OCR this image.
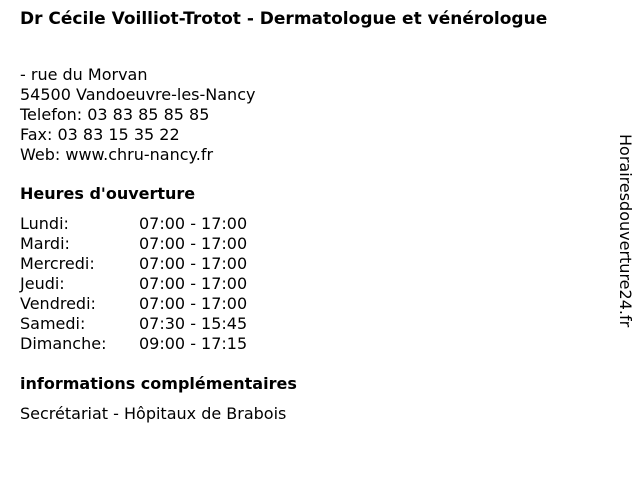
Dr Cécile Voilliot-Trotot - Dermatologue et vénérologue
- rue du Morvan
54500 Vandoeuvre-les-Nancy
Telefon: 03 83 85 85 85
Fax: 03 83 15 35 22
Web: www.chru-nancy.fr
Heures d'ouverture
Lundi:	07:00 - 17:00
Mardi:	07:00 - 17:00
Mercredi:	07:00 - 17:00
Jeudi:	07:00 - 17:00
Vendredi:	07:00 - 17:00
Samedi:	07:30 - 15:45
Dimanche: 09:00 - 17:15
informations complémentaires
Secrétariat - Hôpitaux de Brabois
Horairesdouverture24.fr
